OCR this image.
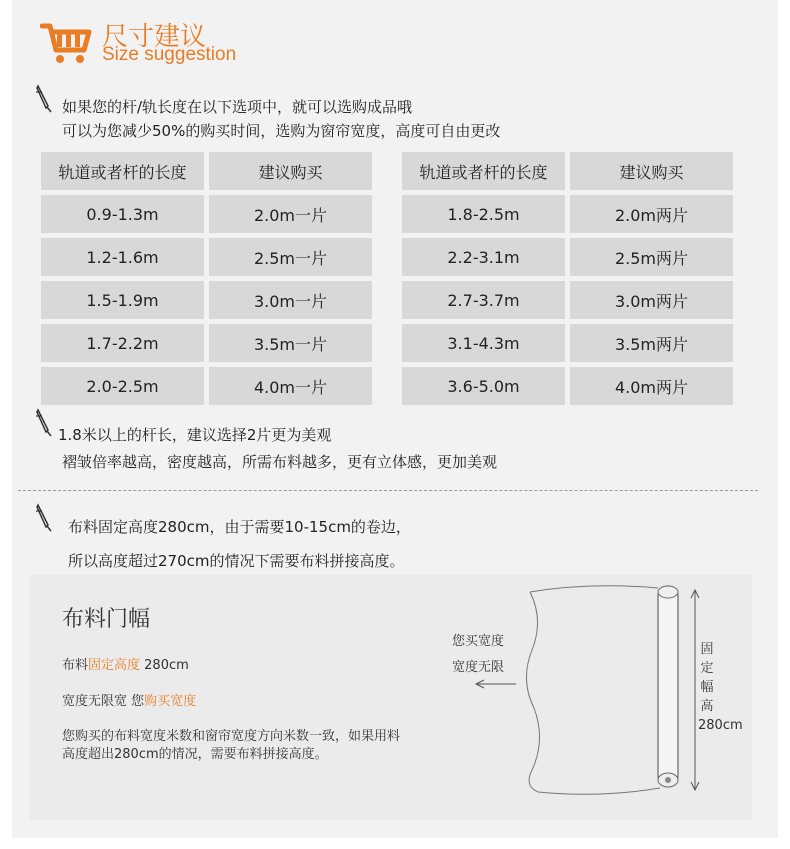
尺寸建议
Size suggestion
如果您的杆/轨长度在以下选项中，就可以选购成品哦
可以为您减少50%的购买时间，选购为窗帘宽度，高度可自由更改
轨道或者杆的长度	建议购买
0.9-1.3m	2.0m一片
1.2-1.6m	2.5m一片
1.5-1.9m	3.0m一片
1.7-2.2m	3.5m一片
2.0-2.5m	4.0m一片
轨道或者杆的长度	建议购买
1.8-2.5m	2.0m两片
2.2-3.1m	2.5m两片
2.7-3.7m	3.0m两片
3.1-4.3m	3.5m两片
3.6-5.0m	4.0m两片
1.8米以上的杆长，建议选择2片更为美观
褶皱倍率越高，密度越高，所需布料越多，更有立体感，更加美观
布料固定高度280cm，由于需要10-15cm的卷边，
所以高度超过270cm的情况下需要布料拼接高度。
布料门幅
布料固定高度 280cm
宽度无限宽 您购买宽度
您购买的布料宽度米数和窗帘宽度方向米数一致，如果用料
高度超出280cm的情况，需要布料拼接高度。
您买宽度
宽度无限
固
定
幅
高
280cm
